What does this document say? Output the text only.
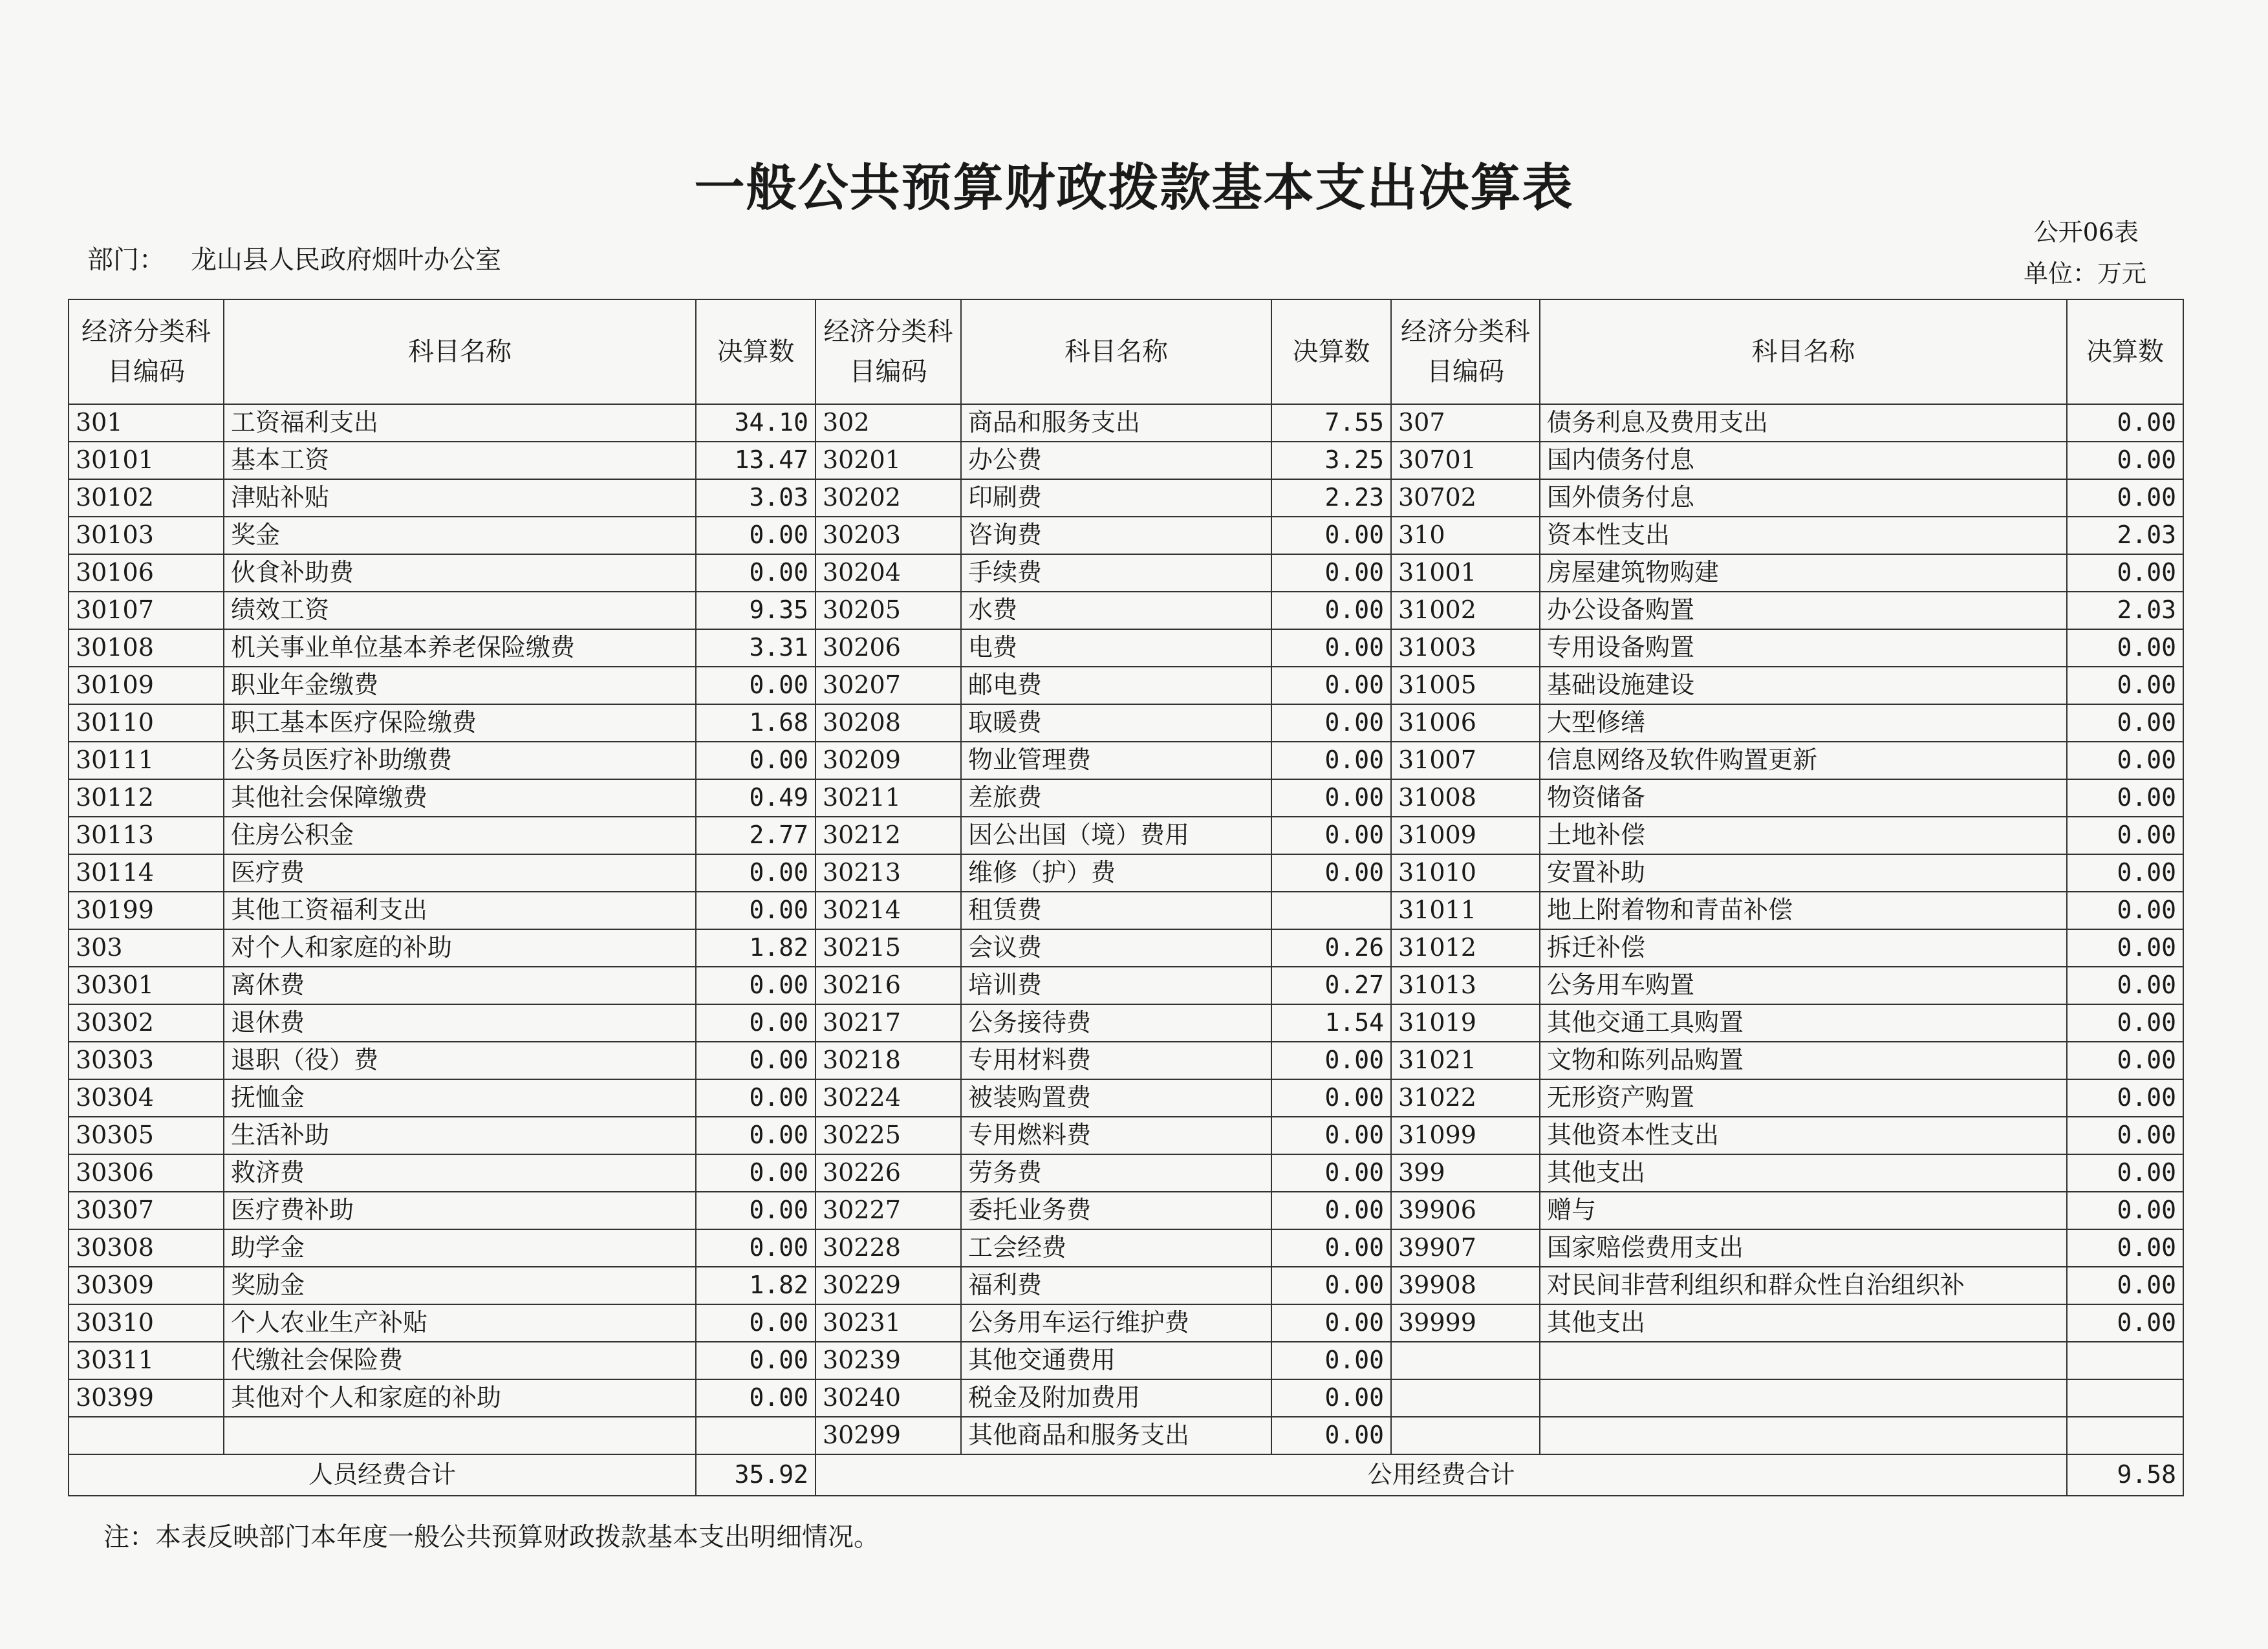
一般公共预算财政拨款基本支出决算表
部门： 龙山县人民政府烟叶办公室
公开06表
单位：万元
经济分类科目编码	科目名称	决算数	经济分类科目编码	科目名称	决算数	经济分类科目编码	科目名称	决算数
301	工资福利支出	34.10	302	商品和服务支出	7.55	307	债务利息及费用支出	0.00
30101	基本工资	13.47	30201	办公费	3.25	30701	国内债务付息	0.00
30102	津贴补贴	3.03	30202	印刷费	2.23	30702	国外债务付息	0.00
30103	奖金	0.00	30203	咨询费	0.00	310	资本性支出	2.03
30106	伙食补助费	0.00	30204	手续费	0.00	31001	房屋建筑物购建	0.00
30107	绩效工资	9.35	30205	水费	0.00	31002	办公设备购置	2.03
30108	机关事业单位基本养老保险缴费	3.31	30206	电费	0.00	31003	专用设备购置	0.00
30109	职业年金缴费	0.00	30207	邮电费	0.00	31005	基础设施建设	0.00
30110	职工基本医疗保险缴费	1.68	30208	取暖费	0.00	31006	大型修缮	0.00
30111	公务员医疗补助缴费	0.00	30209	物业管理费	0.00	31007	信息网络及软件购置更新	0.00
30112	其他社会保障缴费	0.49	30211	差旅费	0.00	31008	物资储备	0.00
30113	住房公积金	2.77	30212	因公出国（境）费用	0.00	31009	土地补偿	0.00
30114	医疗费	0.00	30213	维修（护）费	0.00	31010	安置补助	0.00
30199	其他工资福利支出	0.00	30214	租赁费		31011	地上附着物和青苗补偿	0.00
303	对个人和家庭的补助	1.82	30215	会议费	0.26	31012	拆迁补偿	0.00
30301	离休费	0.00	30216	培训费	0.27	31013	公务用车购置	0.00
30302	退休费	0.00	30217	公务接待费	1.54	31019	其他交通工具购置	0.00
30303	退职（役）费	0.00	30218	专用材料费	0.00	31021	文物和陈列品购置	0.00
30304	抚恤金	0.00	30224	被装购置费	0.00	31022	无形资产购置	0.00
30305	生活补助	0.00	30225	专用燃料费	0.00	31099	其他资本性支出	0.00
30306	救济费	0.00	30226	劳务费	0.00	399	其他支出	0.00
30307	医疗费补助	0.00	30227	委托业务费	0.00	39906	赠与	0.00
30308	助学金	0.00	30228	工会经费	0.00	39907	国家赔偿费用支出	0.00
30309	奖励金	1.82	30229	福利费	0.00	39908	对民间非营利组织和群众性自治组织补	0.00
30310	个人农业生产补贴	0.00	30231	公务用车运行维护费	0.00	39999	其他支出	0.00
30311	代缴社会保险费	0.00	30239	其他交通费用	0.00			
30399	其他对个人和家庭的补助	0.00	30240	税金及附加费用	0.00			
			30299	其他商品和服务支出	0.00			
人员经费合计		35.92	公用经费合计					9.58
注：本表反映部门本年度一般公共预算财政拨款基本支出明细情况。
